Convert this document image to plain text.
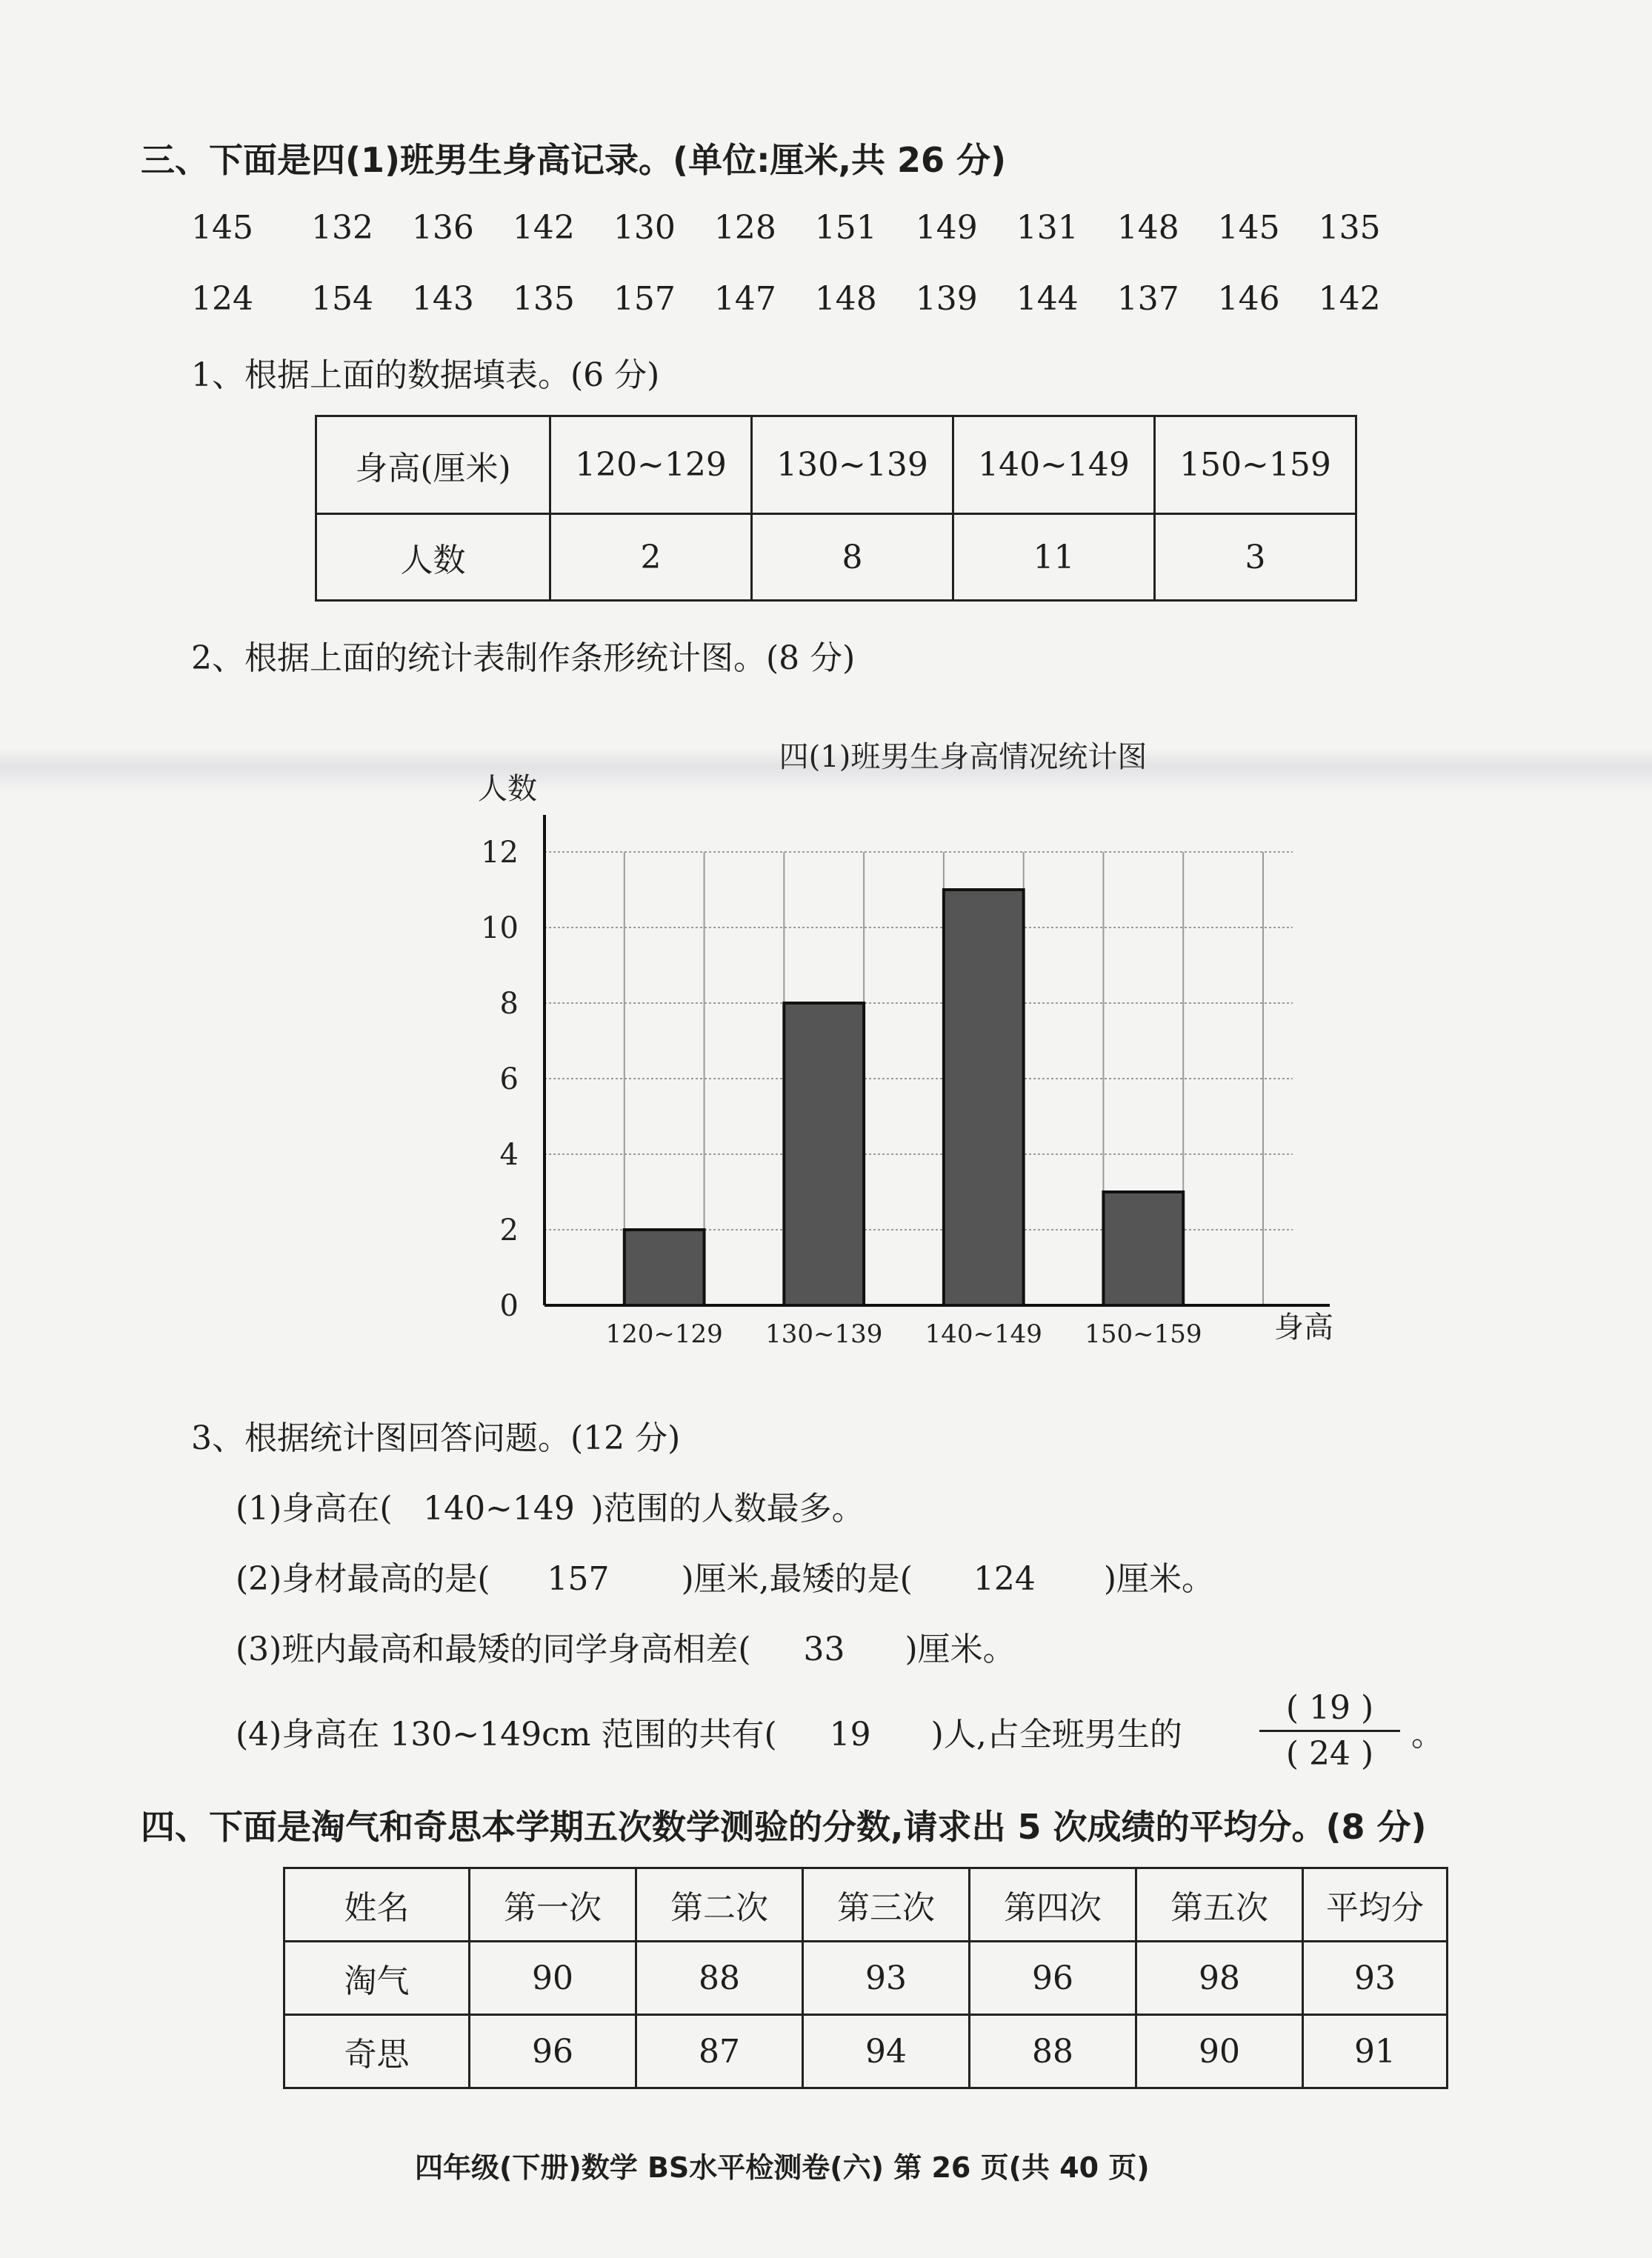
三、下面是四(1)班男生身高记录。(单位:厘米,共 26 分)
145 132 136 142 130 128 151 149 131 148 145 135
124 154 143 135 157 147 148 139 144 137 146 142
1、根据上面的数据填表。(6 分)
身高(厘米)	120~129	130~139	140~149	150~159
人数	2	8	11	3
2、根据上面的统计表制作条形统计图。(8 分)
四(1)班男生身高情况统计图
人数
身高
0
2
4
6
8
10
12
120~129 130~139 140~149 150~159
3、根据统计图回答问题。(12 分)
(1)身高在( 140~149 )范围的人数最多。
(2)身材最高的是( 157 )厘米,最矮的是( 124 )厘米。
(3)班内最高和最矮的同学身高相差( 33 )厘米。
(4)身高在 130~149cm 范围的共有( 19 )人,占全班男生的
( 19 )
( 24 )
。
四、下面是淘气和奇思本学期五次数学测验的分数,请求出 5 次成绩的平均分。(8 分)
姓名	第一次	第二次	第三次	第四次	第五次	平均分
淘气	90	88	93	96	98	93
奇思	96	87	94	88	90	91
四年级(下册)数学 BS水平检测卷(六) 第 26 页(共 40 页)
